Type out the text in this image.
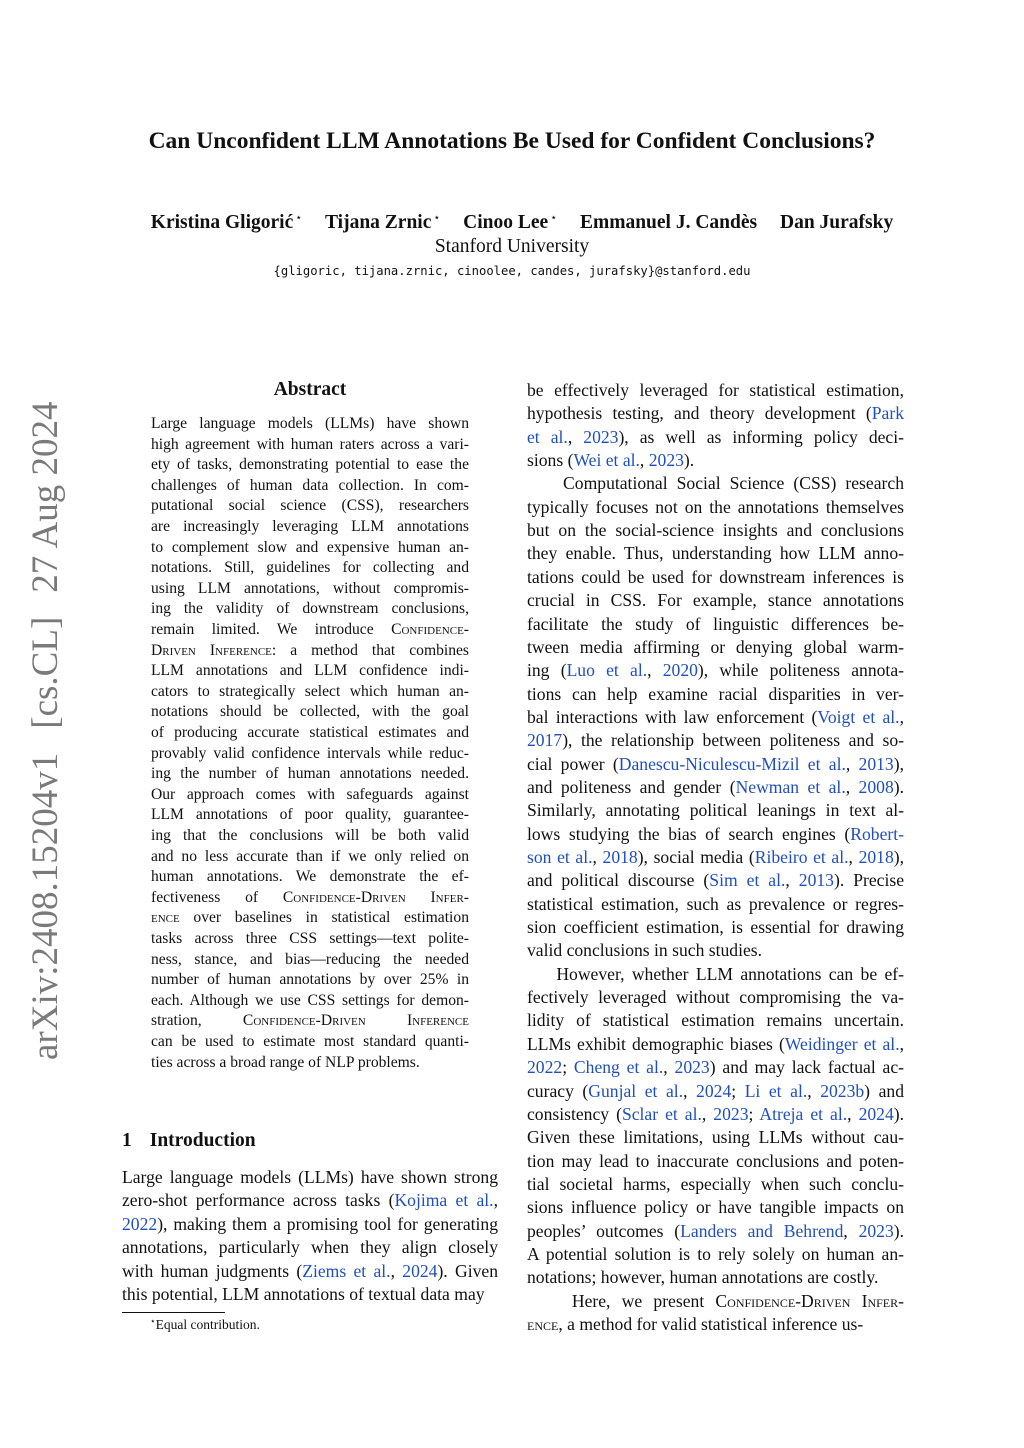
Can Unconfident LLM Annotations Be Used for Confident Conclusions?
Kristina Gligorić ⋆ Tijana Zrnic ⋆ Cinoo Lee ⋆ Emmanuel J. Candès Dan Jurafsky
Stanford University
{gligoric, tijana.zrnic, cinoolee, candes, jurafsky}@stanford.edu
arXiv:2408.15204v1[cs.CL]27 Aug 2024
Abstract
Large language models (LLMs) have shown
high agreement with human raters across a vari-
ety of tasks, demonstrating potential to ease the
challenges of human data collection. In com-
putational social science (CSS), researchers
are increasingly leveraging LLM annotations
to complement slow and expensive human an-
notations. Still, guidelines for collecting and
using LLM annotations, without compromis-
ing the validity of downstream conclusions,
remain limited. We introduce Confidence-
Driven Inference: a method that combines
LLM annotations and LLM confidence indi-
cators to strategically select which human an-
notations should be collected, with the goal
of producing accurate statistical estimates and
provably valid confidence intervals while reduc-
ing the number of human annotations needed.
Our approach comes with safeguards against
LLM annotations of poor quality, guarantee-
ing that the conclusions will be both valid
and no less accurate than if we only relied on
human annotations. We demonstrate the ef-
fectiveness of Confidence-Driven Infer-
ence over baselines in statistical estimation
tasks across three CSS settings—text polite-
ness, stance, and bias—reducing the needed
number of human annotations by over 25% in
each. Although we use CSS settings for demon-
stration, Confidence-Driven Inference
can be used to estimate most standard quanti-
ties across a broad range of NLP problems.
1 Introduction
Large language models (LLMs) have shown strong
zero-shot performance across tasks (Kojima et al.,
2022), making them a promising tool for generating
annotations, particularly when they align closely
with human judgments (Ziems et al., 2024). Given
this potential, LLM annotations of textual data may
be effectively leveraged for statistical estimation,
hypothesis testing, and theory development (Park
et al., 2023), as well as informing policy deci-
sions (Wei et al., 2023).
Computational Social Science (CSS) research
typically focuses not on the annotations themselves
but on the social-science insights and conclusions
they enable. Thus, understanding how LLM anno-
tations could be used for downstream inferences is
crucial in CSS. For example, stance annotations
facilitate the study of linguistic differences be-
tween media affirming or denying global warm-
ing (Luo et al., 2020), while politeness annota-
tions can help examine racial disparities in ver-
bal interactions with law enforcement (Voigt et al.,
2017), the relationship between politeness and so-
cial power (Danescu-Niculescu-Mizil et al., 2013),
and politeness and gender (Newman et al., 2008).
Similarly, annotating political leanings in text al-
lows studying the bias of search engines (Robert-
son et al., 2018), social media (Ribeiro et al., 2018),
and political discourse (Sim et al., 2013). Precise
statistical estimation, such as prevalence or regres-
sion coefficient estimation, is essential for drawing
valid conclusions in such studies.
However, whether LLM annotations can be ef-
fectively leveraged without compromising the va-
lidity of statistical estimation remains uncertain.
LLMs exhibit demographic biases (Weidinger et al.,
2022; Cheng et al., 2023) and may lack factual ac-
curacy (Gunjal et al., 2024; Li et al., 2023b) and
consistency (Sclar et al., 2023; Atreja et al., 2024).
Given these limitations, using LLMs without cau-
tion may lead to inaccurate conclusions and poten-
tial societal harms, especially when such conclu-
sions influence policy or have tangible impacts on
peoples’ outcomes (Landers and Behrend, 2023).
A potential solution is to rely solely on human an-
notations; however, human annotations are costly.
Here, we present Confidence-Driven Infer-
ence, a method for valid statistical inference us-
⋆Equal contribution.
